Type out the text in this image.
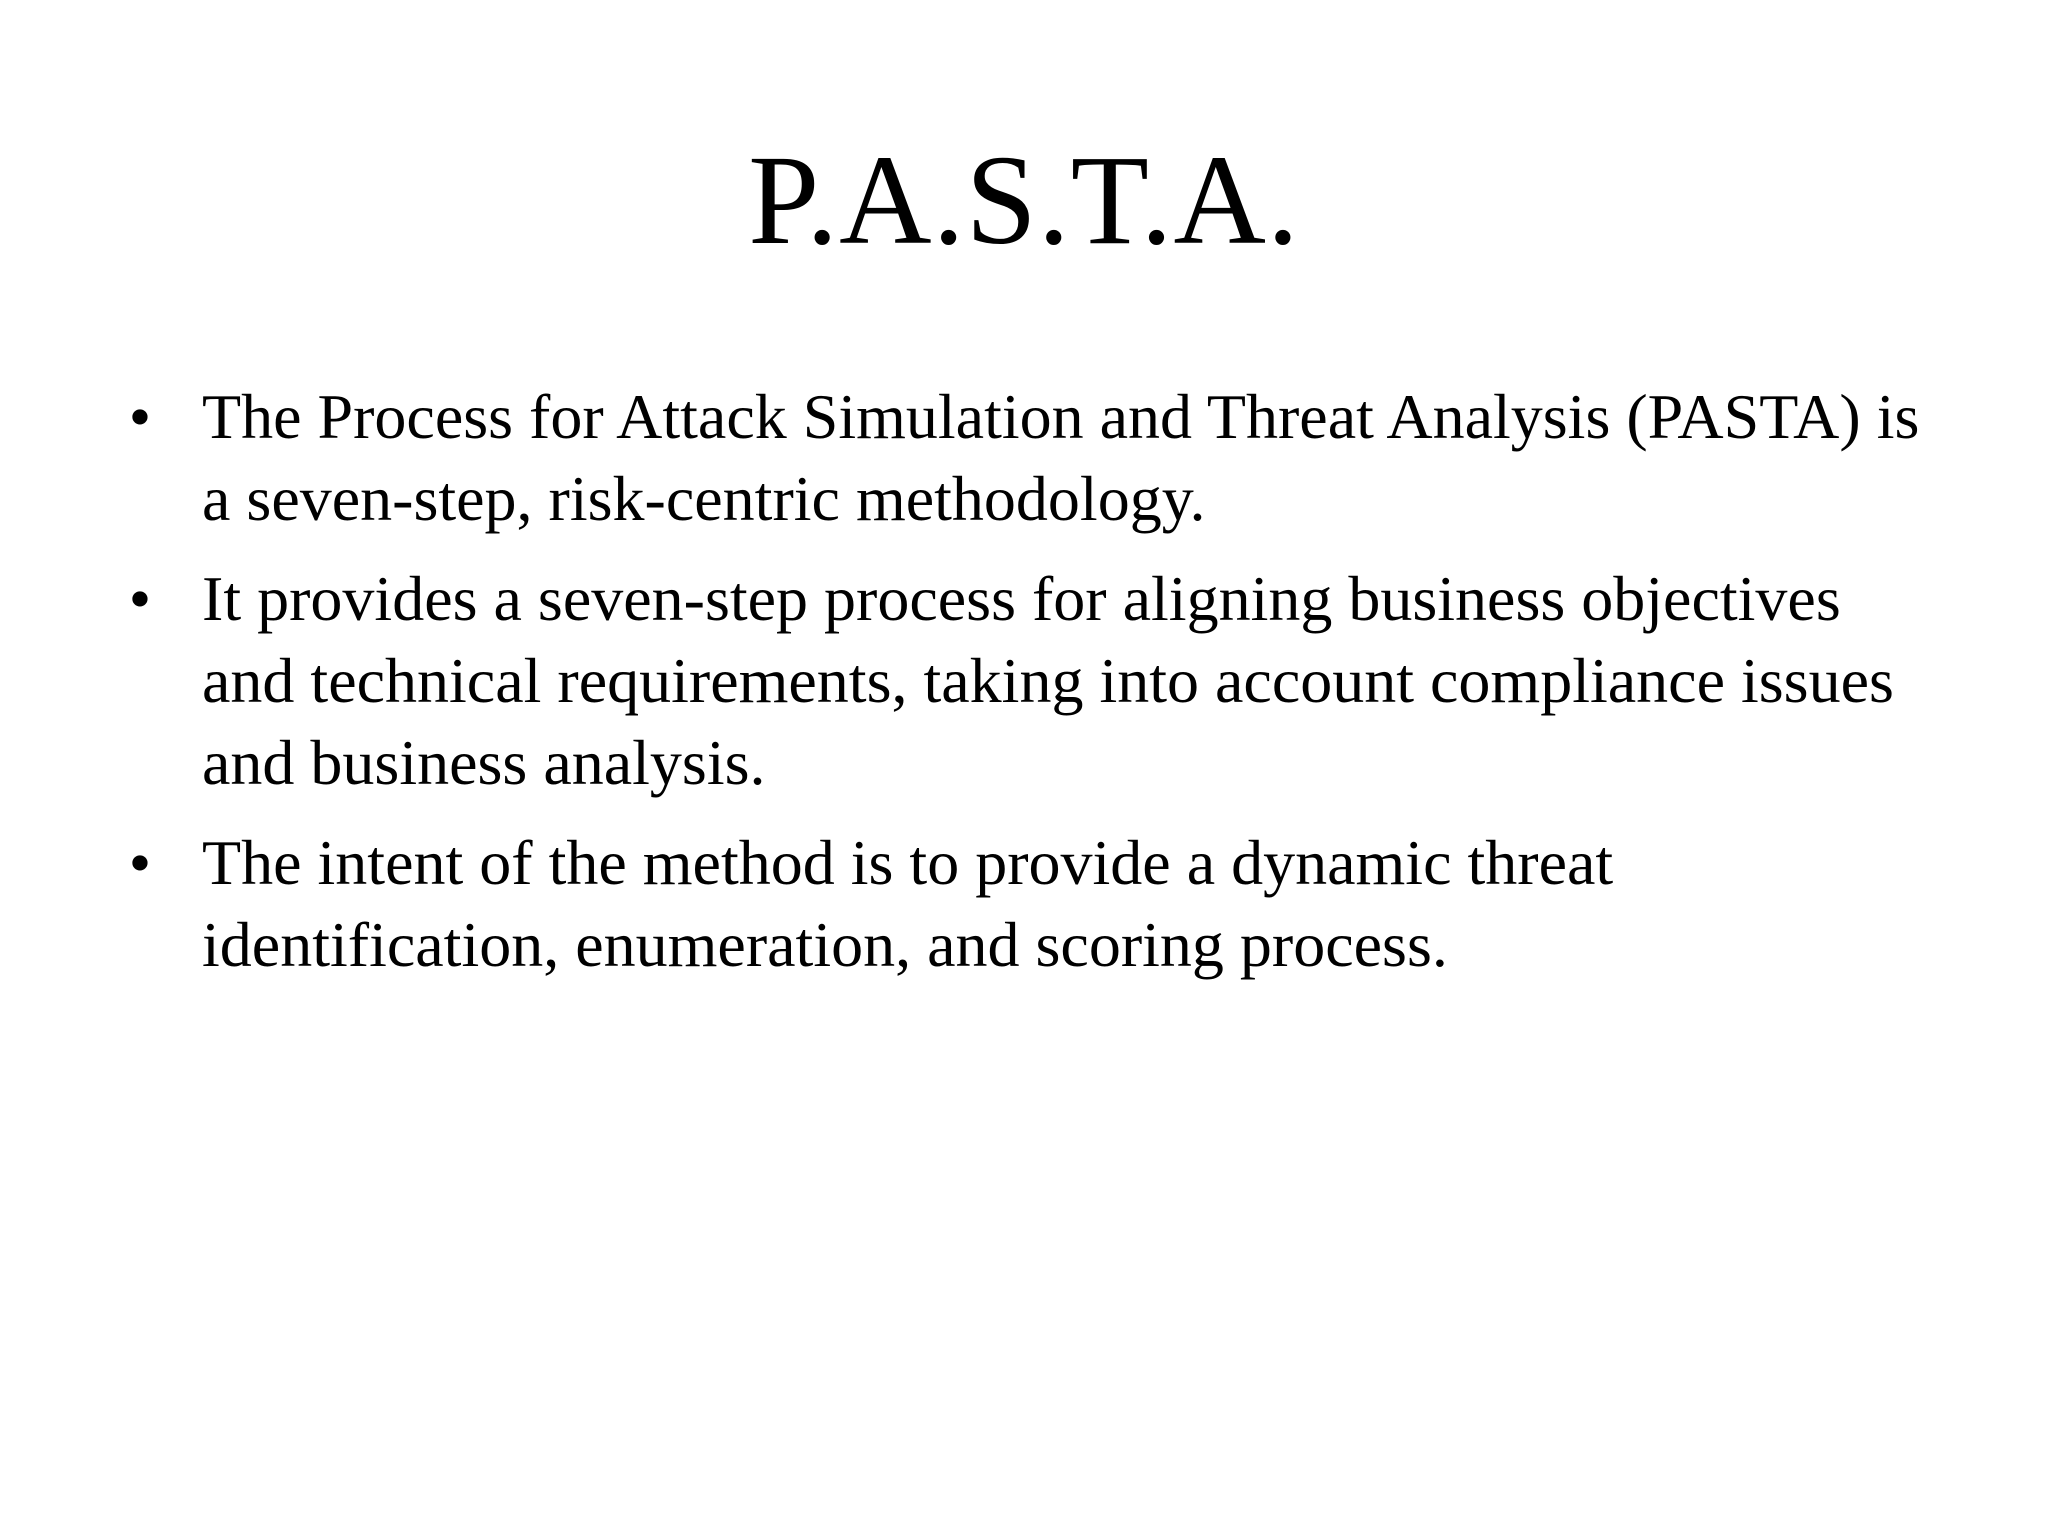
P.A.S.T.A.
• The Process for Attack Simulation and Threat Analysis (PASTA) is a seven-step, risk-centric methodology.
• It provides a seven-step process for aligning business objectives and technical requirements, taking into account compliance issues and business analysis.
• The intent of the method is to provide a dynamic threat identification, enumeration, and scoring process.
